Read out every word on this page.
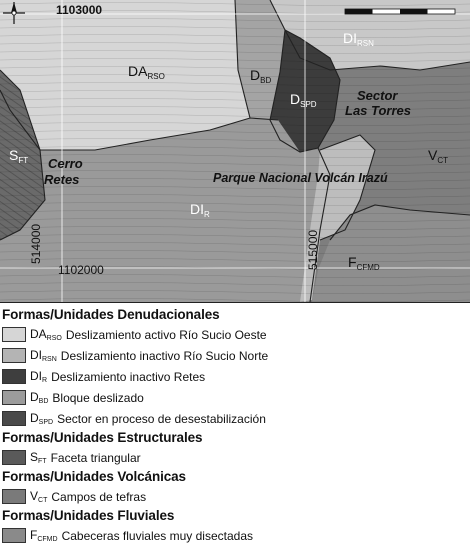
1103000
1102000
514000	515000
$DA_{RSO}$
$DI_{RSN}$
$D_{BD}$
$D_{SPD}$
$S_{FT}$
$DI_R$
$V_{CT}$
$F_{CFMD}$
Sector
Las Torres
Cerro
Retes	Parque Nacional Volcán Irazú
Formas/Unidades Denudacionales
$DA_{RSO}$ Deslizamiento activo Río Sucio Oeste
$DI_{RSN}$ Deslizamiento inactivo Río Sucio Norte
$DI_R$ Deslizamiento inactivo Retes
$D_{BD}$ Bloque deslizado
$D_{SPD}$ Sector en proceso de desestabilización
Formas/Unidades Estructurales
$S_{FT}$ Faceta triangular
Formas/Unidades Volcánicas
$V_{CT}$ Campos de tefras
Formas/Unidades Fluviales
$F_{CFMD}$ Cabeceras fluviales muy disectadas
